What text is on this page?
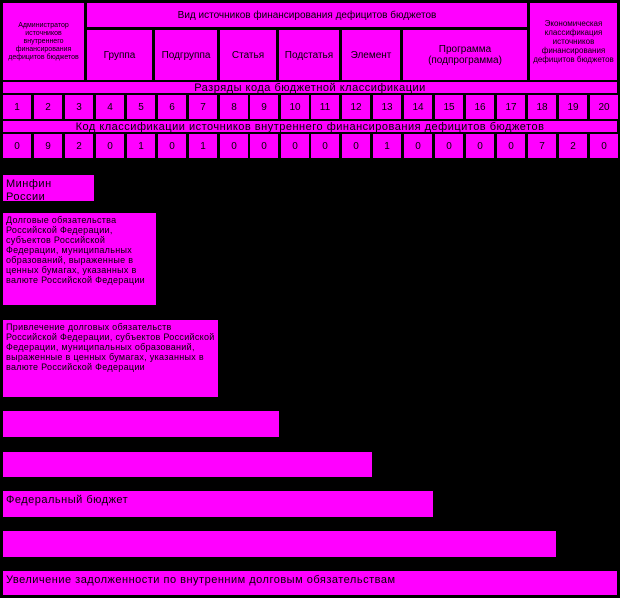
Администратор источников внутреннего финансирования дефицитов бюджетов
Вид источников финансирования дефицитов бюджетов
Экономическая классификация источников финансирования дефицитов бюджетов
Группа	Подгруппа	Статья	Подстатья	Элемент	Программа (подпрограмма)
Разряды кода бюджетной классификации
1	2	3	4	5	6	7	8	9	10	11	12	13	14	15	16	17	18	19	20
Код классификации источников внутреннего финансирования дефицитов бюджетов
0	9	2	0	1	0	1	0	0	0	0	0	1	0	0	0	0	7	2	0
Минфин России
Долговые обязательства Российской Федерации, субъектов Российской Федерации, муниципальных образований, выраженные в ценных бумагах, указанных в валюте Российской Федерации
Привлечение долговых обязательств Российской Федерации, субъектов Российской Федерации, муниципальных образований, выраженные в ценных бумагах, указанных в валюте Российской Федерации
Федеральный бюджет
Увеличение задолженности по внутренним долговым обязательствам
